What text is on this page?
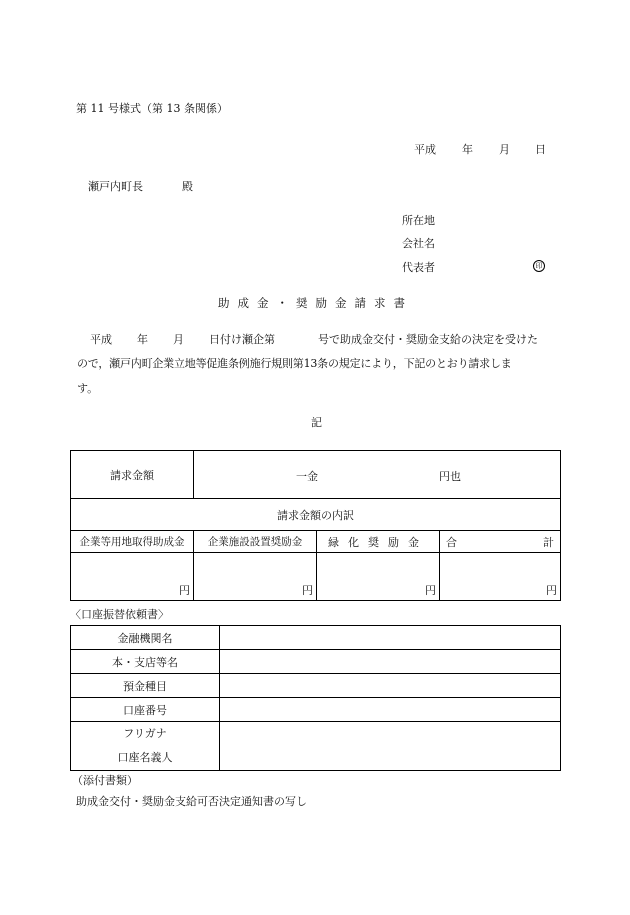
第 11 号様式（第 13 条関係）
平成 年 月 日
瀬戸内町長	殿
所在地
会社名
代表者	印
助成金・奨励金請求書
平成 年 月 日付け瀬企第	号で助成金交付・奨励金支給の決定を受けた
ので，瀬戸内町企業立地等促進条例施行規則第13条の規定により，下記のとおり請求しま
す。
記
請求金額	一金 円也		

請求金額の内訳			
企業等用地取得助成金	企業施設設置奨励金	緑化奨励金	合 計

円	円	円	円
〈口座振替依頼書〉
金融機関名	
本・支店等名	
預金種目	
口座番号	

フリガナ
口座名義人	

（添付書類）
助成金交付・奨励金支給可否決定通知書の写し
